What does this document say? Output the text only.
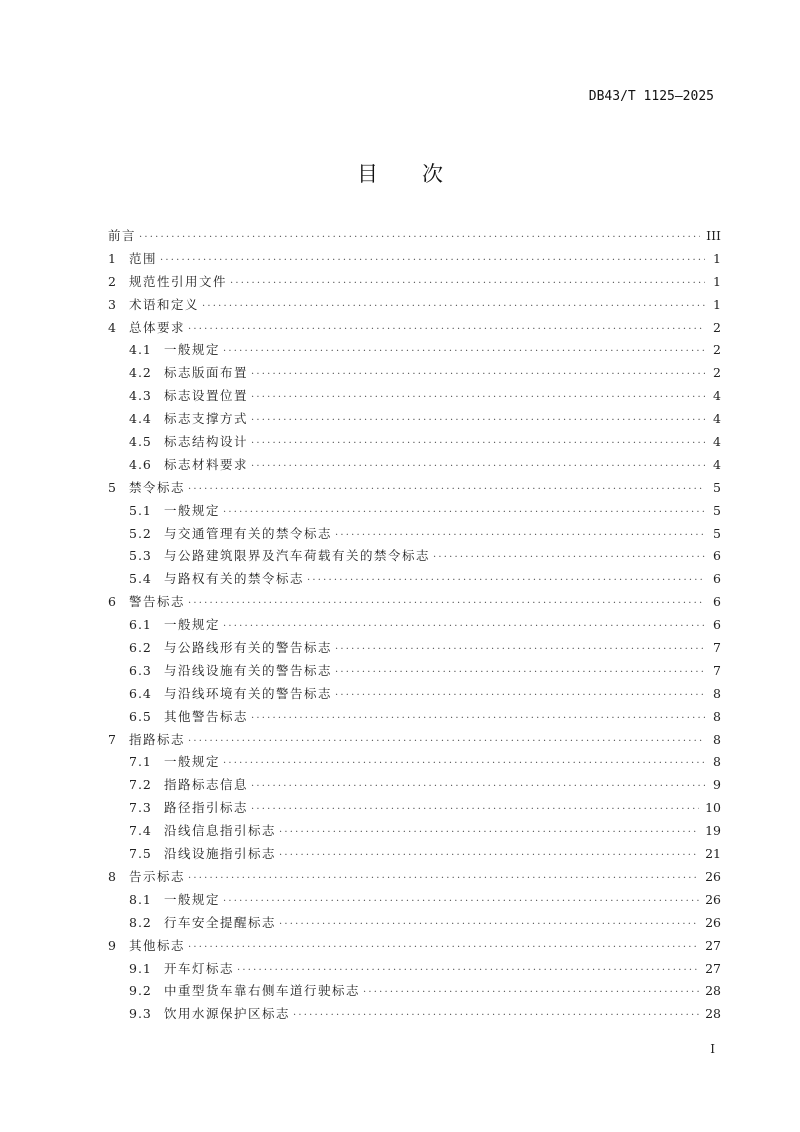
DB43/T 1125—2025
目 次
前言 ·····	III
1	范围 ·····	1
2	规范性引用文件 ·····	1
3	术语和定义 ·····	1
4	总体要求 ·····	2
4.1 一般规定 ·····	2
4.2 标志版面布置 ·····	2
4.3 标志设置位置 ·····	4
4.4 标志支撑方式 ·····	4
4.5 标志结构设计 ·····	4
4.6 标志材料要求 ·····	4
5	禁令标志 ·····	5
5.1 一般规定 ·····	5
5.2 与交通管理有关的禁令标志 ·····	5
5.3 与公路建筑限界及汽车荷载有关的禁令标志 ·····	6
5.4 与路权有关的禁令标志 ·····	6
6	警告标志 ·····	6
6.1 一般规定 ·····	6
6.2 与公路线形有关的警告标志 ·····	7
6.3 与沿线设施有关的警告标志 ·····	7
6.4 与沿线环境有关的警告标志 ·····	8
6.5 其他警告标志 ·····	8
7	指路标志 ·····	8
7.1 一般规定 ·····	8
7.2 指路标志信息 ·····	9
7.3 路径指引标志 ·····	10
7.4 沿线信息指引标志 ·····	19
7.5 沿线设施指引标志 ·····	21
8	告示标志 ·····	26
8.1 一般规定 ·····	26
8.2 行车安全提醒标志 ·····	26
9	其他标志 ·····	27
9.1 开车灯标志 ·····	27
9.2 中重型货车靠右侧车道行驶标志 ·····	28
9.3 饮用水源保护区标志 ·····	28
I
